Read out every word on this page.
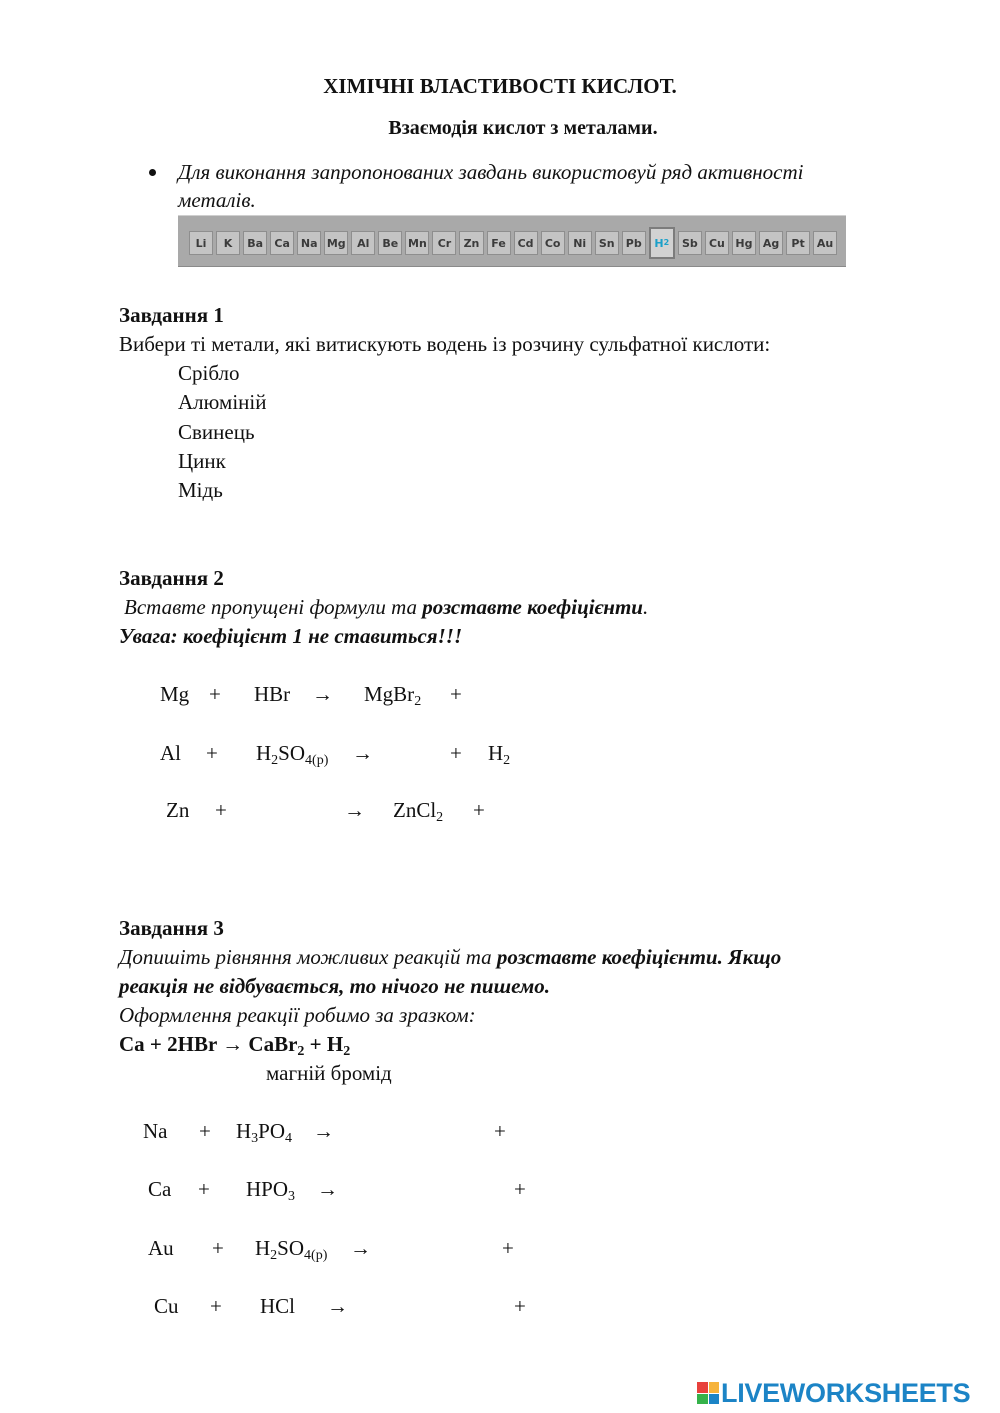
ХІМІЧНІ ВЛАСТИВОСТІ КИСЛОТ.
Взаємодія кислот з металами.
Для виконання запропонованих завдань використовуй ряд активності
металів.
Li	K	Ba	Ca Na Mg	Al	Be Mn Cr	Zn	Fe	Cd	Co	Ni	Sn	Pb	H 2	Sb	Cu Hg Ag	Pt	Au
Завдання 1
Вибери ті метали, які витискують водень із розчину сульфатної кислоти:
Срібло
Алюміній
Свинець
Цинк
Мідь
Завдання 2
Вставте пропущені формули та розставте коефіцієнти.
Увага: коефіцієнт 1 не ставиться!!!
Mg + HBr → MgBr$_2$ +
$Al + H_2SO_{4(р)}$ →	+ $H_2$
Zn +	→ ZnCl$_2$ +
Завдання 3
Допишіть рівняння можливих реакцій та розставте коефіцієнти. Якщо
реакція не відбувається, то нічого не пишемо.
Оформлення реакції робимо за зразком:
Ca + 2HBr → CaBr$_2$ + $H_2$
магній бромід
$Na + H_3PO_4$ →	+
$Ca + HPO_3$ →	+
$Au + H_2SO_{4(р)}$ →	+
Cu + HCl →	+
LIVEWORKSHEETS
